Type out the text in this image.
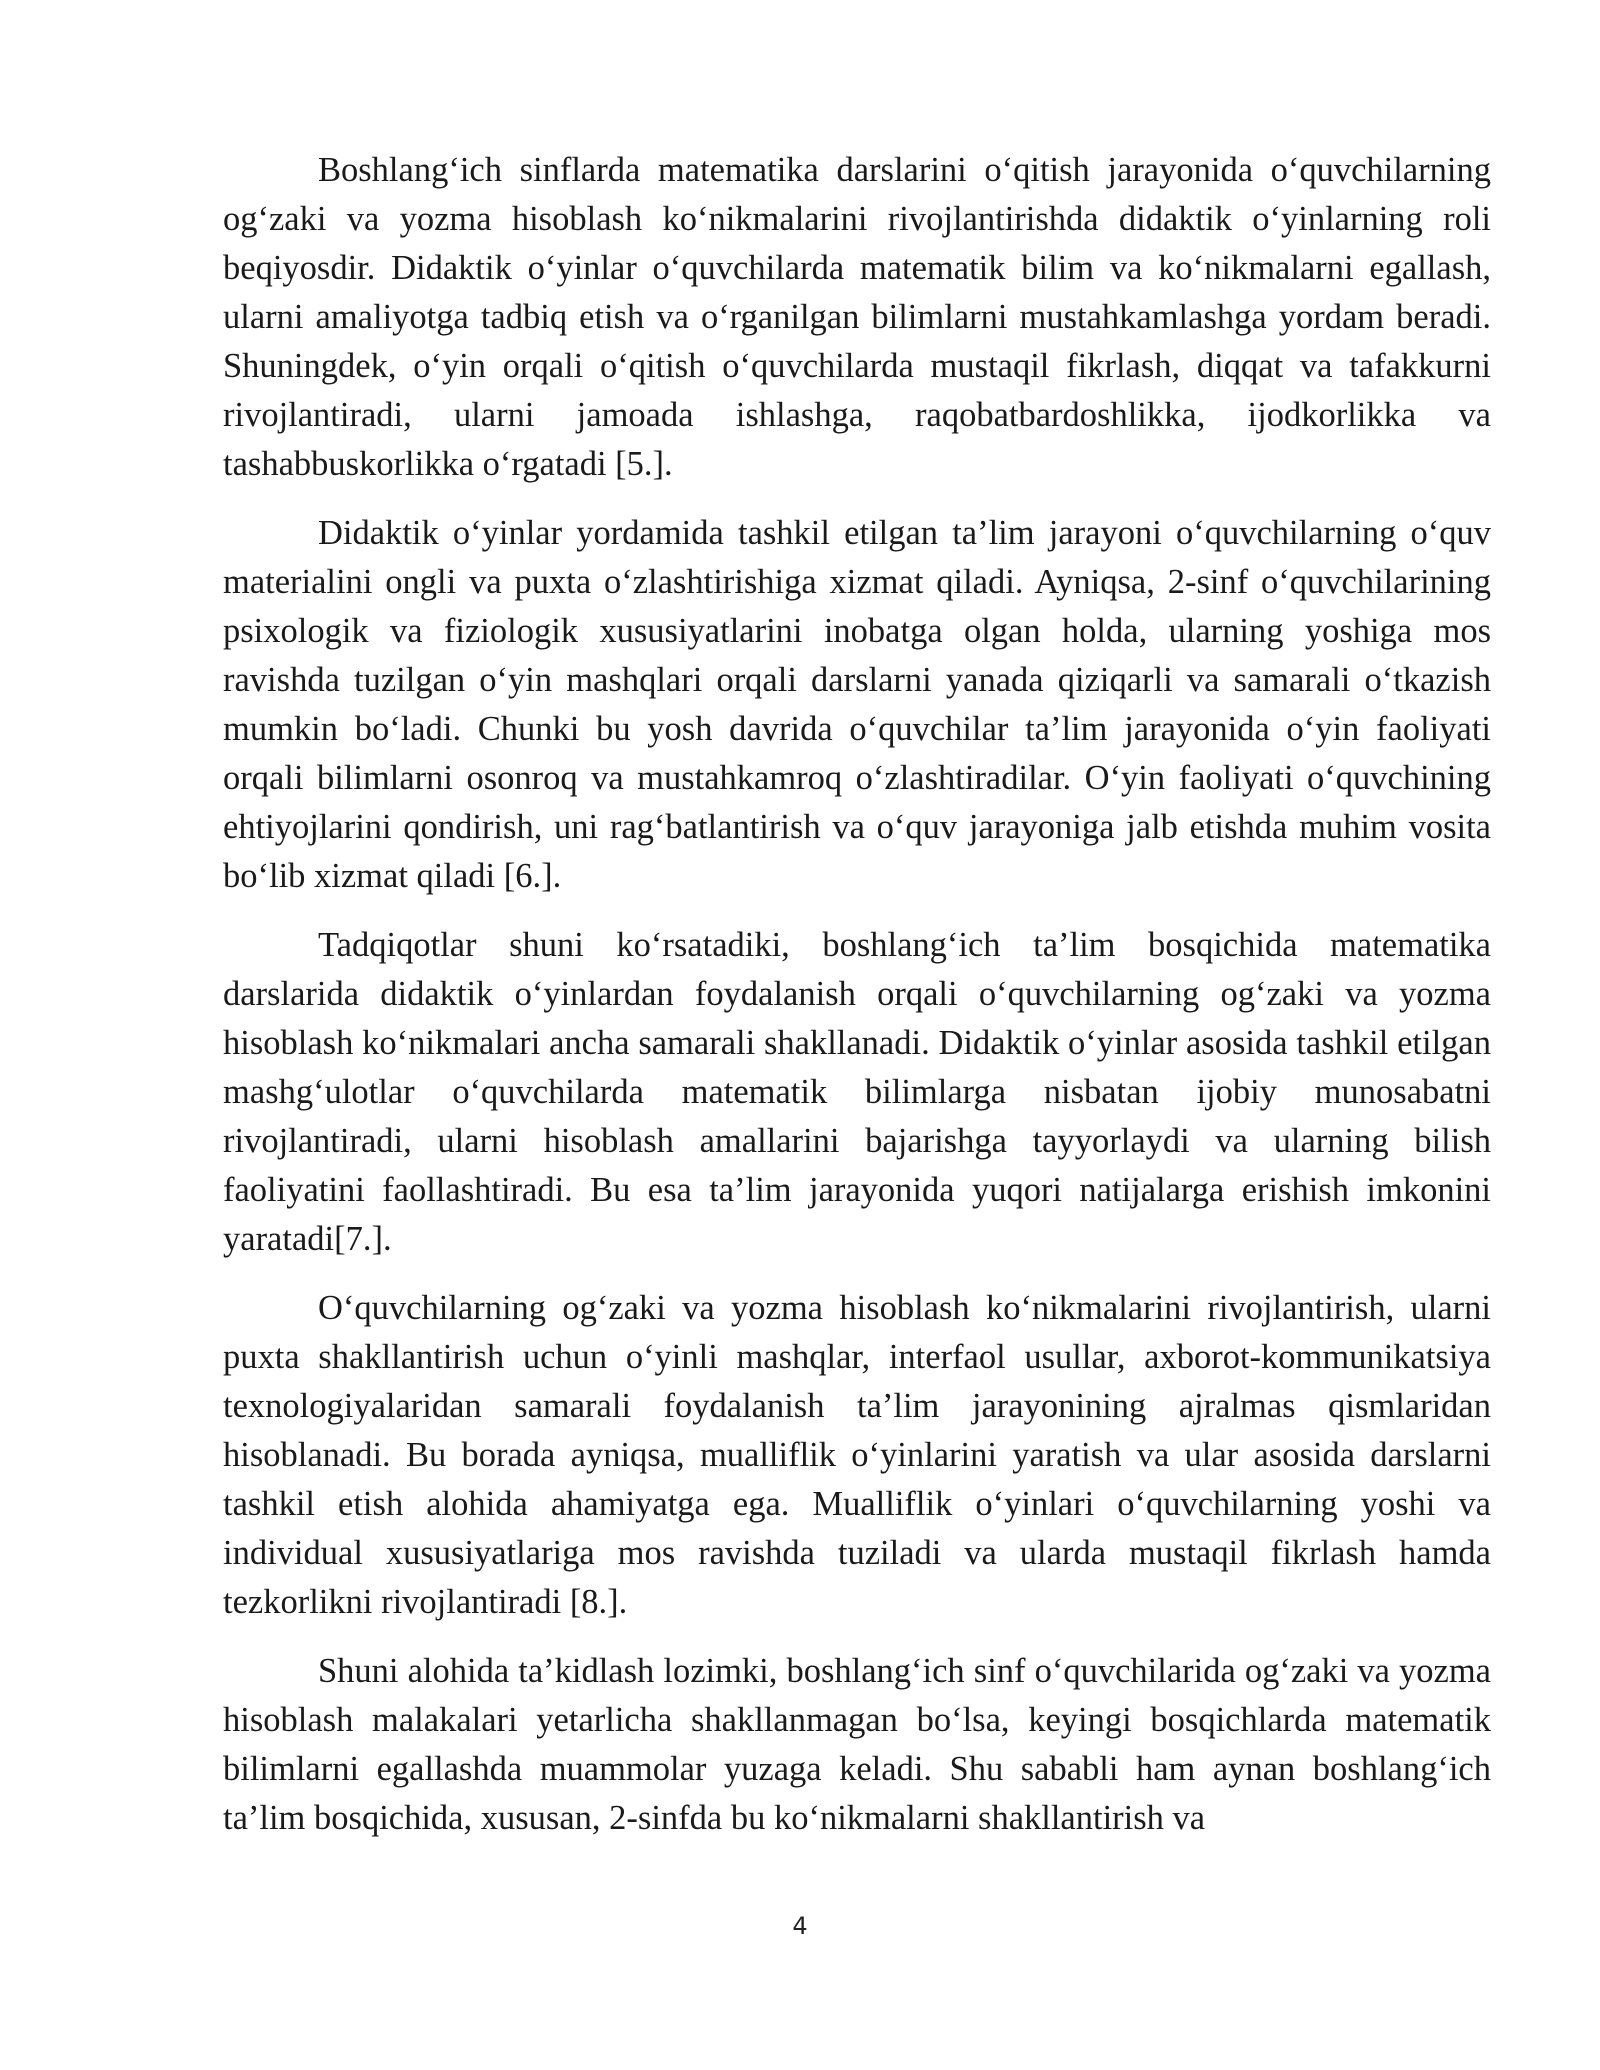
Boshlang‘ich sinflarda matematika darslarini o‘qitish jarayonida o‘quvchilarning og‘zaki va yozma hisoblash ko‘nikmalarini rivojlantirishda didaktik o‘yinlarning roli beqiyosdir. Didaktik o‘yinlar o‘quvchilarda matematik bilim va ko‘nikmalarni egallash, ularni amaliyotga tadbiq etish va o‘rganilgan bilimlarni mustahkamlashga yordam beradi. Shuningdek, o‘yin orqali o‘qitish o‘quvchilarda mustaqil fikrlash, diqqat va tafakkurni rivojlantiradi, ularni jamoada ishlashga, raqobatbardoshlikka, ijodkorlikka va tashabbuskorlikka o‘rgatadi [5.].

Didaktik o‘yinlar yordamida tashkil etilgan ta’lim jarayoni o‘quvchilarning o‘quv materialini ongli va puxta o‘zlashtirishiga xizmat qiladi. Ayniqsa, 2-sinf o‘quvchilarining psixologik va fiziologik xususiyatlarini inobatga olgan holda, ularning yoshiga mos ravishda tuzilgan o‘yin mashqlari orqali darslarni yanada qiziqarli va samarali o‘tkazish mumkin bo‘ladi. Chunki bu yosh davrida o‘quvchilar ta’lim jarayonida o‘yin faoliyati orqali bilimlarni osonroq va mustahkamroq o‘zlashtiradilar. O‘yin faoliyati o‘quvchining ehtiyojlarini qondirish, uni rag‘batlantirish va o‘quv jarayoniga jalb etishda muhim vosita bo‘lib xizmat qiladi [6.].

Tadqiqotlar shuni ko‘rsatadiki, boshlang‘ich ta’lim bosqichida matematika darslarida didaktik o‘yinlardan foydalanish orqali o‘quvchilarning og‘zaki va yozma hisoblash ko‘nikmalari ancha samarali shakllanadi. Didaktik o‘yinlar asosida tashkil etilgan mashg‘ulotlar o‘quvchilarda matematik bilimlarga nisbatan ijobiy munosabatni rivojlantiradi, ularni hisoblash amallarini bajarishga tayyorlaydi va ularning bilish faoliyatini faollashtiradi. Bu esa ta’lim jarayonida yuqori natijalarga erishish imkonini yaratadi[7.].

O‘quvchilarning og‘zaki va yozma hisoblash ko‘nikmalarini rivojlantirish, ularni puxta shakllantirish uchun o‘yinli mashqlar, interfaol usullar, axborot-kommunikatsiya texnologiyalaridan samarali foydalanish ta’lim jarayonining ajralmas qismlaridan hisoblanadi. Bu borada ayniqsa, mualliflik o‘yinlarini yaratish va ular asosida darslarni tashkil etish alohida ahamiyatga ega. Mualliflik o‘yinlari o‘quvchilarning yoshi va individual xususiyatlariga mos ravishda tuziladi va ularda mustaqil fikrlash hamda tezkorlikni rivojlantiradi [8.].

Shuni alohida ta’kidlash lozimki, boshlang‘ich sinf o‘quvchilarida og‘zaki va yozma hisoblash malakalari yetarlicha shakllanmagan bo‘lsa, keyingi bosqichlarda matematik bilimlarni egallashda muammolar yuzaga keladi. Shu sababli ham aynan boshlang‘ich ta’lim bosqichida, xususan, 2-sinfda bu ko‘nikmalarni shakllantirish va

4
